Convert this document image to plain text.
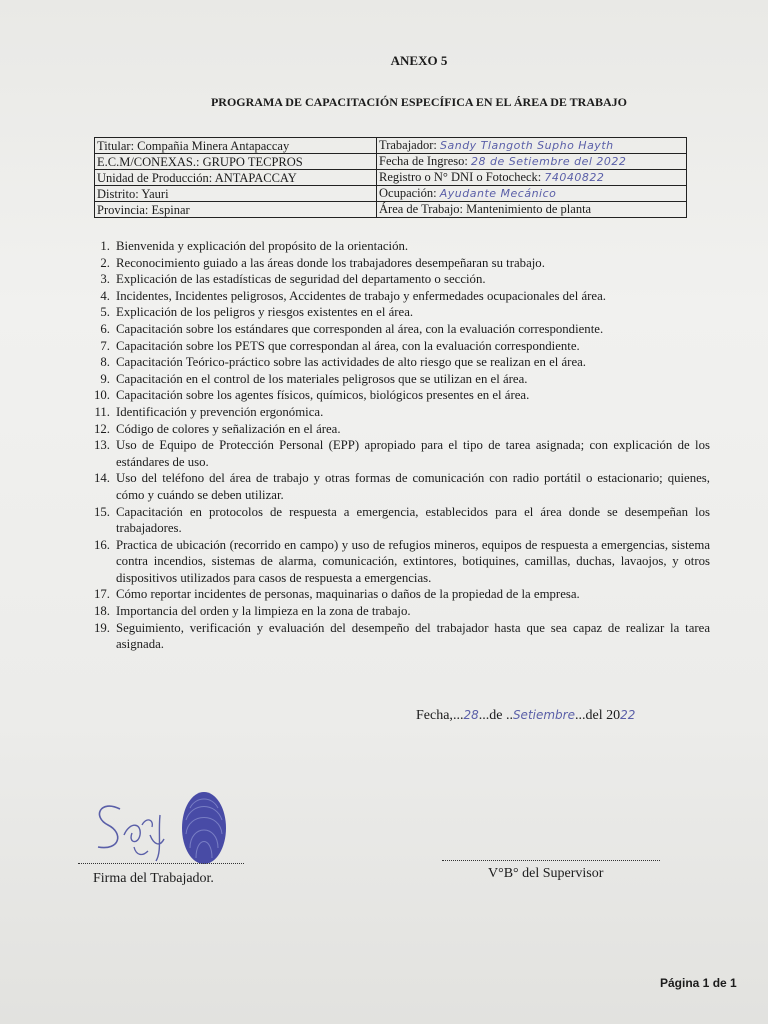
ANEXO 5
PROGRAMA DE CAPACITACIÓN ESPECÍFICA EN EL ÁREA DE TRABAJO
Titular: Compañia Minera Antapaccay	Trabajador: Sandy Tlangoth Supho Hayth
E.C.M/CONEXAS.: GRUPO TECPROS	Fecha de Ingreso: 28 de Setiembre del 2022
Unidad de Producción: ANTAPACCAY	Registro o N° DNI o Fotocheck: 74040822
Distrito: Yauri	Ocupación: Ayudante Mecánico
Provincia: Espinar	Área de Trabajo: Mantenimiento de planta
1. Bienvenida y explicación del propósito de la orientación.
2. Reconocimiento guiado a las áreas donde los trabajadores desempeñaran su trabajo.
3. Explicación de las estadísticas de seguridad del departamento o sección.
4. Incidentes, Incidentes peligrosos, Accidentes de trabajo y enfermedades ocupacionales del área.
5. Explicación de los peligros y riesgos existentes en el área.
6. Capacitación sobre los estándares que corresponden al área, con la evaluación correspondiente.
7. Capacitación sobre los PETS que correspondan al área, con la evaluación correspondiente.
8. Capacitación Teórico-práctico sobre las actividades de alto riesgo que se realizan en el área.
9. Capacitación en el control de los materiales peligrosos que se utilizan en el área.
10. Capacitación sobre los agentes físicos, químicos, biológicos presentes en el área.
11. Identificación y prevención ergonómica.
12. Código de colores y señalización en el área.
13. Uso de Equipo de Protección Personal (EPP) apropiado para el tipo de tarea asignada; con explicación de los estándares de uso.
14. Uso del teléfono del área de trabajo y otras formas de comunicación con radio portátil o estacionario; quienes, cómo y cuándo se deben utilizar.
15. Capacitación en protocolos de respuesta a emergencia, establecidos para el área donde se desempeñan los trabajadores.
16. Practica de ubicación (recorrido en campo) y uso de refugios mineros, equipos de respuesta a emergencias, sistema contra incendios, sistemas de alarma, comunicación, extintores, botiquines, camillas, duchas, lavaojos, y otros dispositivos utilizados para casos de respuesta a emergencias.
17. Cómo reportar incidentes de personas, maquinarias o daños de la propiedad de la empresa.
18. Importancia del orden y la limpieza en la zona de trabajo.
19. Seguimiento, verificación y evaluación del desempeño del trabajador hasta que sea capaz de realizar la tarea asignada.
Fecha,...28...de ..Setiembre...del 2022
Firma del Trabajador.	V°B° del Supervisor
Página 1 de 1
